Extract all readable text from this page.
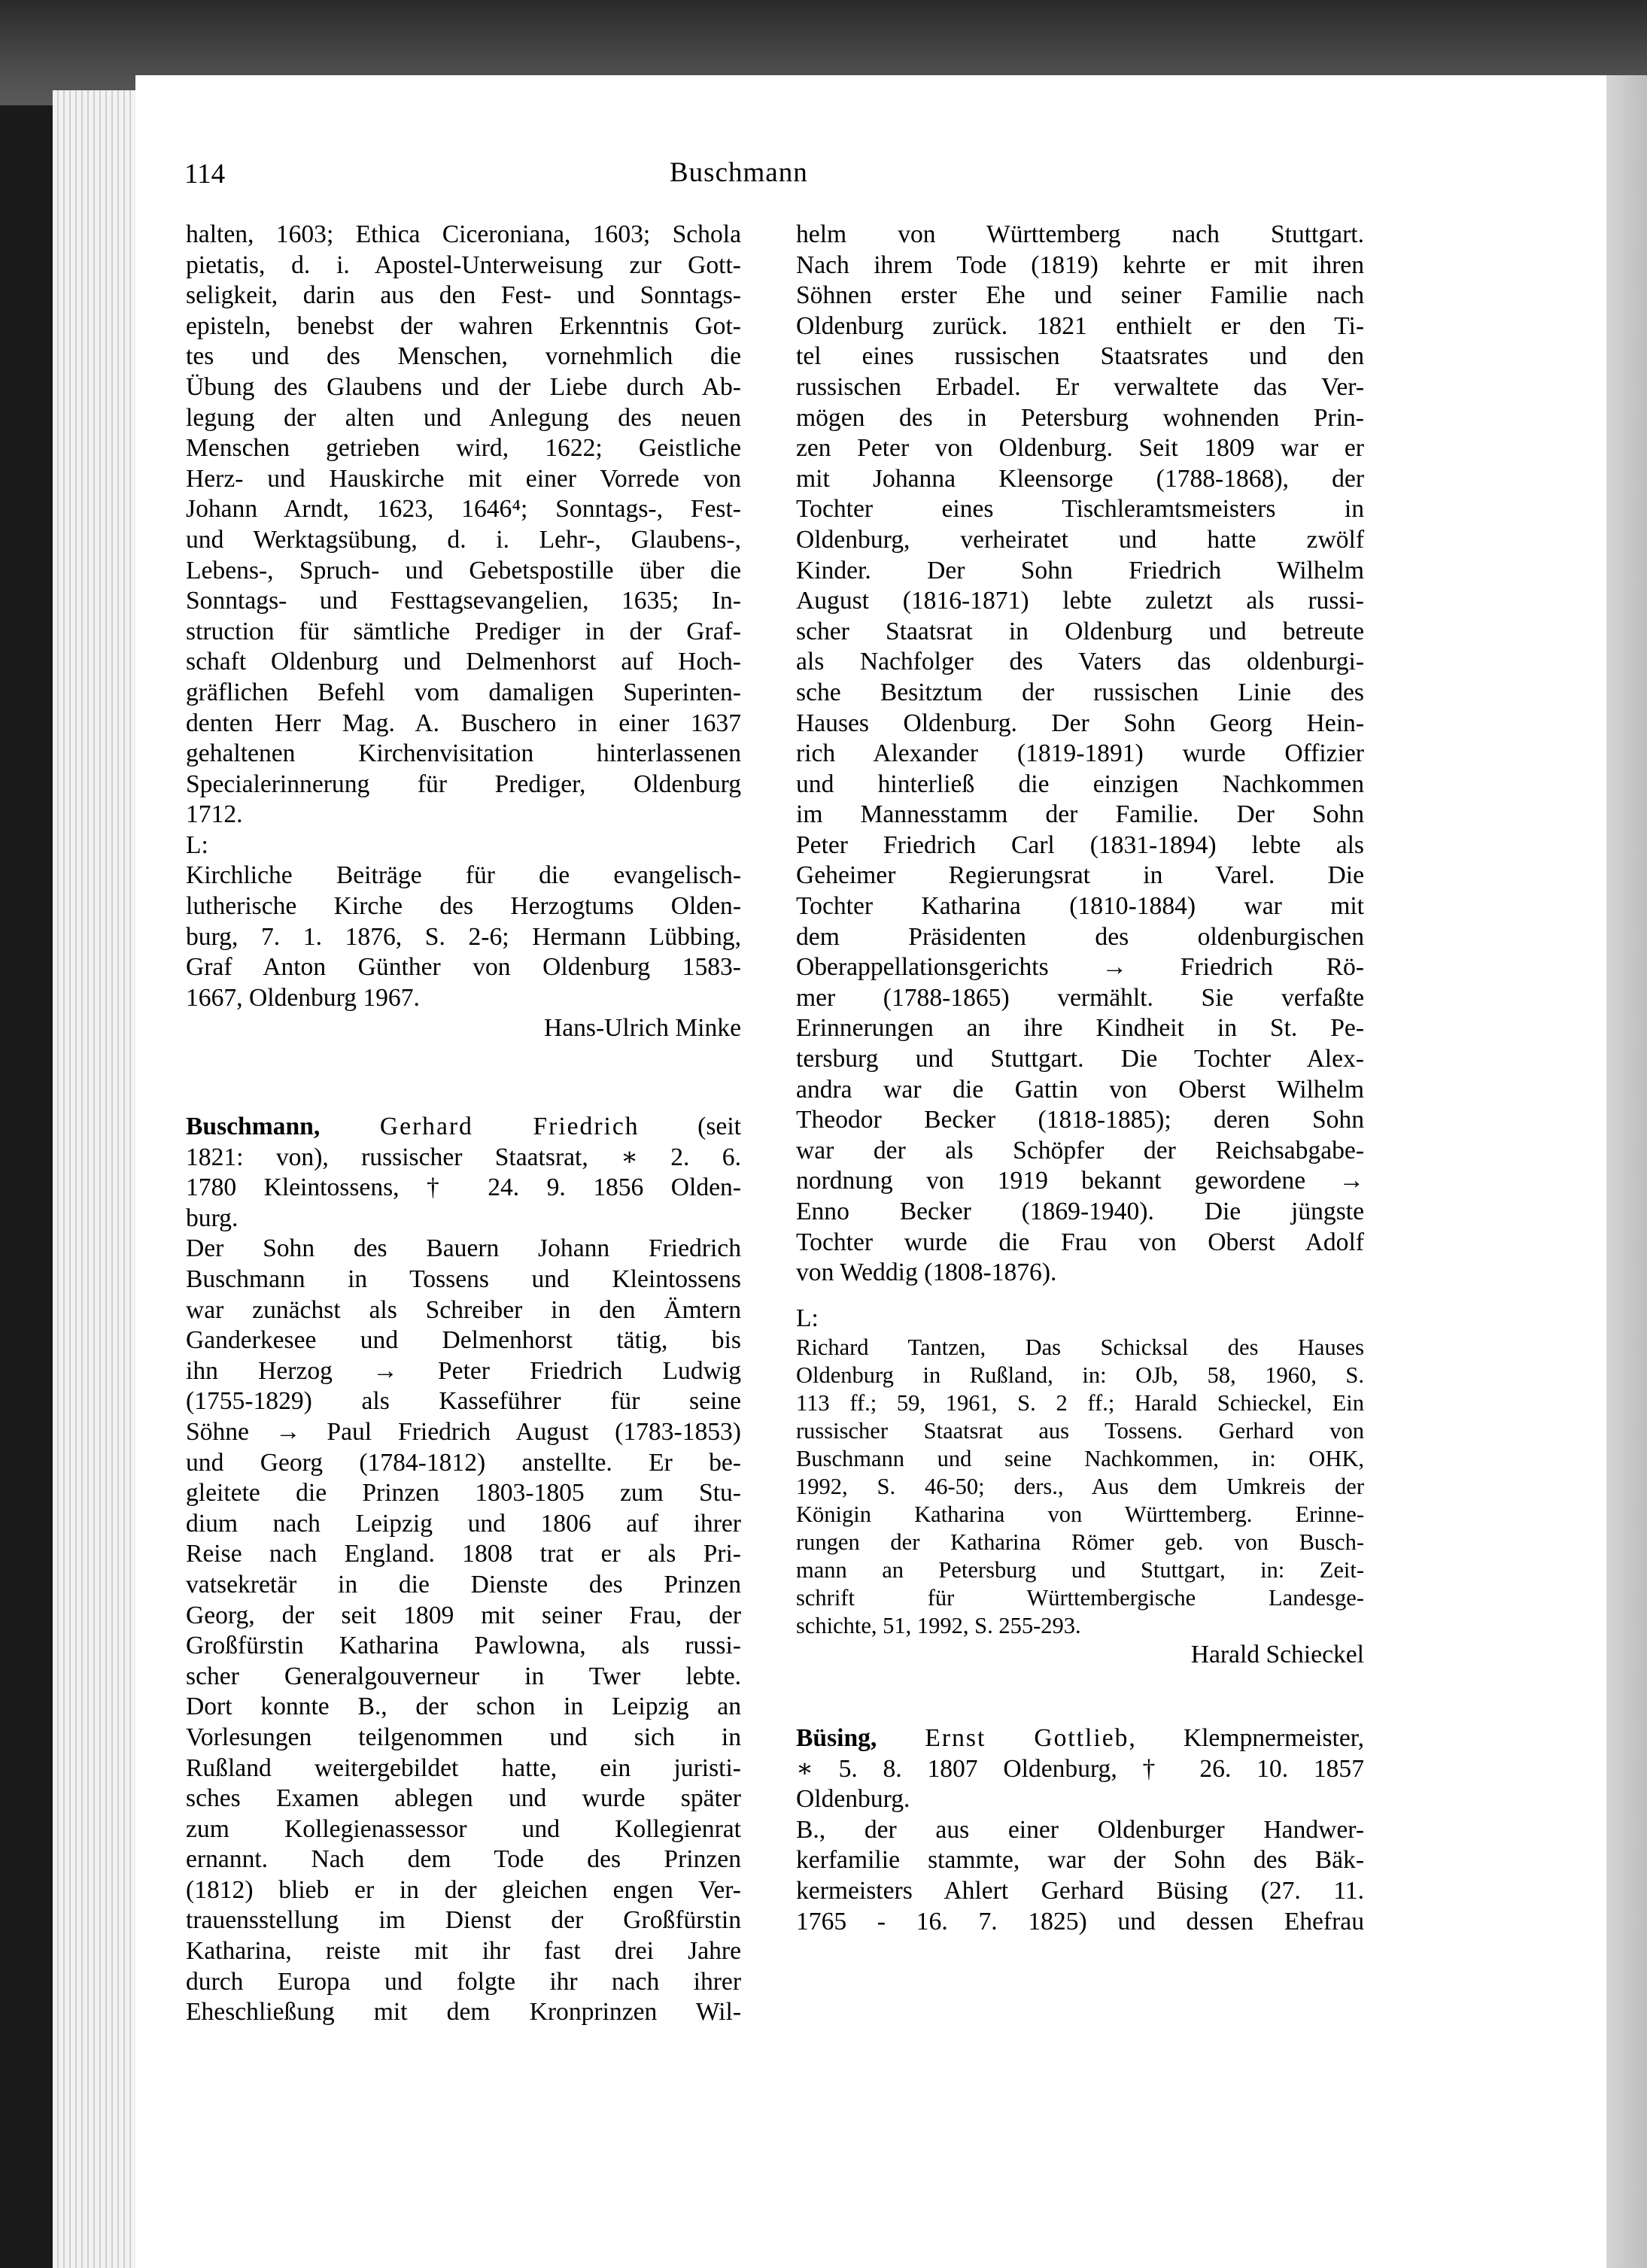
114	Buschmann
halten, 1603; Ethica Ciceroniana, 1603; Schola
pietatis, d. i. Apostel-Unterweisung zur Gott-
seligkeit, darin aus den Fest- und Sonntags-
episteln, benebst der wahren Erkenntnis Got-
tes und des Menschen, vornehmlich die
Übung des Glaubens und der Liebe durch Ab-
legung der alten und Anlegung des neuen
Menschen getrieben wird, 1622; Geistliche
Herz- und Hauskirche mit einer Vorrede von
Johann Arndt, 1623, 1646⁴; Sonntags-, Fest-
und Werktagsübung, d. i. Lehr-, Glaubens-,
Lebens-, Spruch- und Gebetspostille über die
Sonntags- und Festtagsevangelien, 1635; In-
struction für sämtliche Prediger in der Graf-
schaft Oldenburg und Delmenhorst auf Hoch-
gräflichen Befehl vom damaligen Superinten-
denten Herr Mag. A. Buschero in einer 1637
gehaltenen Kirchenvisitation hinterlassenen
Specialerinnerung für Prediger, Oldenburg
1712.
L:
Kirchliche Beiträge für die evangelisch-
lutherische Kirche des Herzogtums Olden-
burg, 7. 1. 1876, S. 2-6; Hermann Lübbing,
Graf Anton Günther von Oldenburg 1583-
1667, Oldenburg 1967.
Hans-Ulrich Minke
Buschmann, Gerhard Friedrich (seit
1821: von), russischer Staatsrat, ∗ 2. 6.
1780 Kleintossens, † 24. 9. 1856 Olden-
burg.
Der Sohn des Bauern Johann Friedrich
Buschmann in Tossens und Kleintossens
war zunächst als Schreiber in den Ämtern
Ganderkesee und Delmenhorst tätig, bis
ihn Herzog → Peter Friedrich Ludwig
(1755-1829) als Kasseführer für seine
Söhne → Paul Friedrich August (1783-1853)
und Georg (1784-1812) anstellte. Er be-
gleitete die Prinzen 1803-1805 zum Stu-
dium nach Leipzig und 1806 auf ihrer
Reise nach England. 1808 trat er als Pri-
vatsekretär in die Dienste des Prinzen
Georg, der seit 1809 mit seiner Frau, der
Großfürstin Katharina Pawlowna, als russi-
scher Generalgouverneur in Twer lebte.
Dort konnte B., der schon in Leipzig an
Vorlesungen teilgenommen und sich in
Rußland weitergebildet hatte, ein juristi-
sches Examen ablegen und wurde später
zum Kollegienassessor und Kollegienrat
ernannt. Nach dem Tode des Prinzen
(1812) blieb er in der gleichen engen Ver-
trauensstellung im Dienst der Großfürstin
Katharina, reiste mit ihr fast drei Jahre
durch Europa und folgte ihr nach ihrer
Eheschließung mit dem Kronprinzen Wil-
helm von Württemberg nach Stuttgart.
Nach ihrem Tode (1819) kehrte er mit ihren
Söhnen erster Ehe und seiner Familie nach
Oldenburg zurück. 1821 enthielt er den Ti-
tel eines russischen Staatsrates und den
russischen Erbadel. Er verwaltete das Ver-
mögen des in Petersburg wohnenden Prin-
zen Peter von Oldenburg. Seit 1809 war er
mit Johanna Kleensorge (1788-1868), der
Tochter eines Tischleramtsmeisters in
Oldenburg, verheiratet und hatte zwölf
Kinder. Der Sohn Friedrich Wilhelm
August (1816-1871) lebte zuletzt als russi-
scher Staatsrat in Oldenburg und betreute
als Nachfolger des Vaters das oldenburgi-
sche Besitztum der russischen Linie des
Hauses Oldenburg. Der Sohn Georg Hein-
rich Alexander (1819-1891) wurde Offizier
und hinterließ die einzigen Nachkommen
im Mannesstamm der Familie. Der Sohn
Peter Friedrich Carl (1831-1894) lebte als
Geheimer Regierungsrat in Varel. Die
Tochter Katharina (1810-1884) war mit
dem Präsidenten des oldenburgischen
Oberappellationsgerichts → Friedrich Rö-
mer (1788-1865) vermählt. Sie verfaßte
Erinnerungen an ihre Kindheit in St. Pe-
tersburg und Stuttgart. Die Tochter Alex-
andra war die Gattin von Oberst Wilhelm
Theodor Becker (1818-1885); deren Sohn
war der als Schöpfer der Reichsabgabe-
nordnung von 1919 bekannt gewordene →
Enno Becker (1869-1940). Die jüngste
Tochter wurde die Frau von Oberst Adolf
von Weddig (1808-1876).
L:
Richard Tantzen, Das Schicksal des Hauses
Oldenburg in Rußland, in: OJb, 58, 1960, S.
113 ff.; 59, 1961, S. 2 ff.; Harald Schieckel, Ein
russischer Staatsrat aus Tossens. Gerhard von
Buschmann und seine Nachkommen, in: OHK,
1992, S. 46-50; ders., Aus dem Umkreis der
Königin Katharina von Württemberg. Erinne-
rungen der Katharina Römer geb. von Busch-
mann an Petersburg und Stuttgart, in: Zeit-
schrift für Württembergische Landesge-
schichte, 51, 1992, S. 255-293.
Harald Schieckel
Büsing, Ernst Gottlieb, Klempnermeister,
∗ 5. 8. 1807 Oldenburg, † 26. 10. 1857
Oldenburg.
B., der aus einer Oldenburger Handwer-
kerfamilie stammte, war der Sohn des Bäk-
kermeisters Ahlert Gerhard Büsing (27. 11.
1765 - 16. 7. 1825) und dessen Ehefrau
